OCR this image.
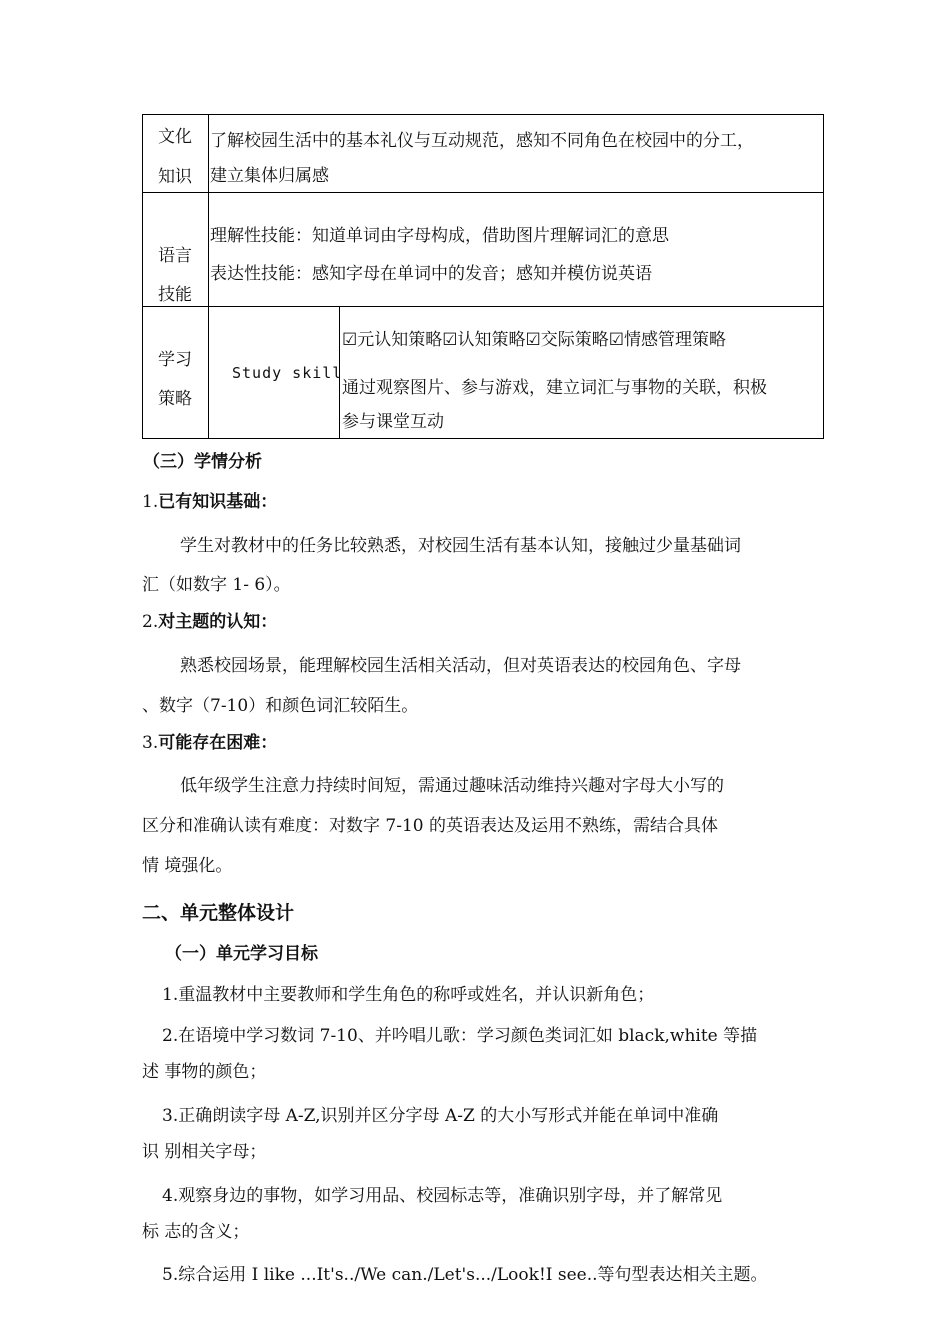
文化
知识
了解校园生活中的基本礼仪与互动规范，感知不同角色在校园中的分工，
建立集体归属感
语言
技能
理解性技能：知道单词由字母构成，借助图片理解词汇的意思
表达性技能：感知字母在单词中的发音；感知并模仿说英语
学习
策略
Study skill
☑元认知策略☑认知策略☑交际策略☑情感管理策略
通过观察图片、参与游戏，建立词汇与事物的关联，积极
参与课堂互动
（三）学情分析
1.已有知识基础：
学生对教材中的任务比较熟悉，对校园生活有基本认知，接触过少量基础词
汇（如数字 1- 6）。
2.对主题的认知：
熟悉校园场景，能理解校园生活相关活动，但对英语表达的校园角色、字母
、数字（7-10）和颜色词汇较陌生。
3.可能存在困难：
低年级学生注意力持续时间短，需通过趣味活动维持兴趣对字母大小写的
区分和准确认读有难度：对数字 7-10 的英语表达及运用不熟练，需结合具体
情 境强化。
二、单元整体设计
（一）单元学习目标
1.重温教材中主要教师和学生角色的称呼或姓名，并认识新角色；
2.在语境中学习数词 7-10、并吟唱儿歌：学习颜色类词汇如 black,white 等描
述 事物的颜色；
3.正确朗读字母 A-Z,识别并区分字母 A-Z 的大小写形式并能在单词中准确
识 别相关字母；
4.观察身边的事物，如学习用品、校园标志等，准确识别字母，并了解常见
标 志的含义；
5.综合运用 I like ...It's../We can./Let's.../Look!I see..等句型表达相关主题。
